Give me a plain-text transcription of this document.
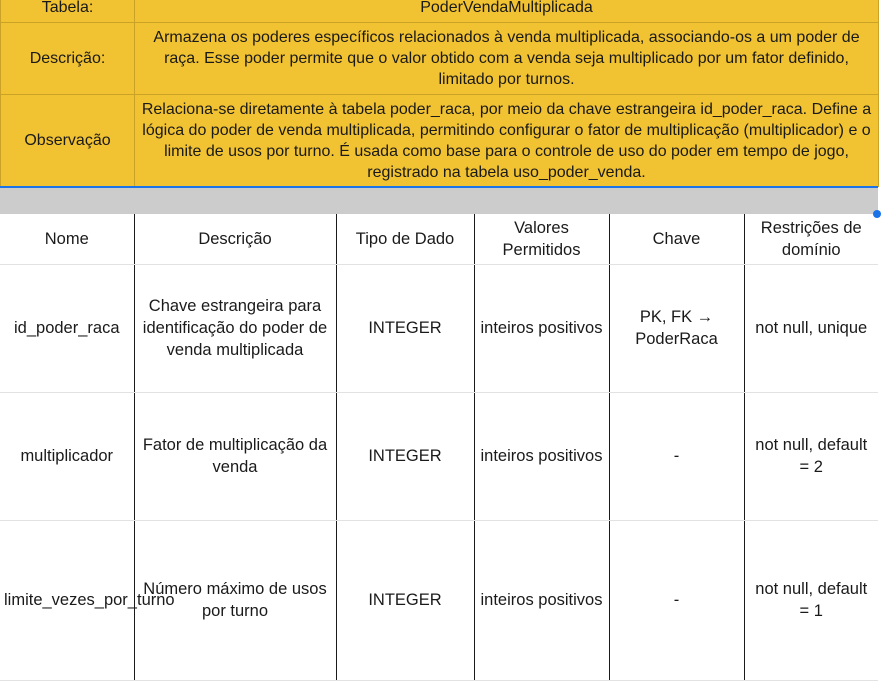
Tabela:	PoderVendaMultiplicada
Descrição:	Armazena os poderes específicos relacionados à venda multiplicada, associando-os a um poder de raça. Esse poder permite que o valor obtido com a venda seja multiplicado por um fator definido, limitado por turnos.
Observação	Relaciona-se diretamente à tabela poder_raca, por meio da chave estrangeira id_poder_raca. Define a lógica do poder de venda multiplicada, permitindo configurar o fator de multiplicação (multiplicador) e o limite de usos por turno. É usada como base para o controle de uso do poder em tempo de jogo, registrado na tabela uso_poder_venda.
Nome	Descrição	Tipo de Dado	Valores Permitidos	Chave	Restrições de domínio
id_poder_raca	Chave estrangeira para identificação do poder de venda multiplicada	INTEGER	inteiros positivos	PK, FK → PoderRaca	not null, unique
multiplicador	Fator de multiplicação da venda	INTEGER	inteiros positivos	-	not null, default = 2
limite_vezes_por_turno	Número máximo de usos por turno	INTEGER	inteiros positivos	-	not null, default = 1
